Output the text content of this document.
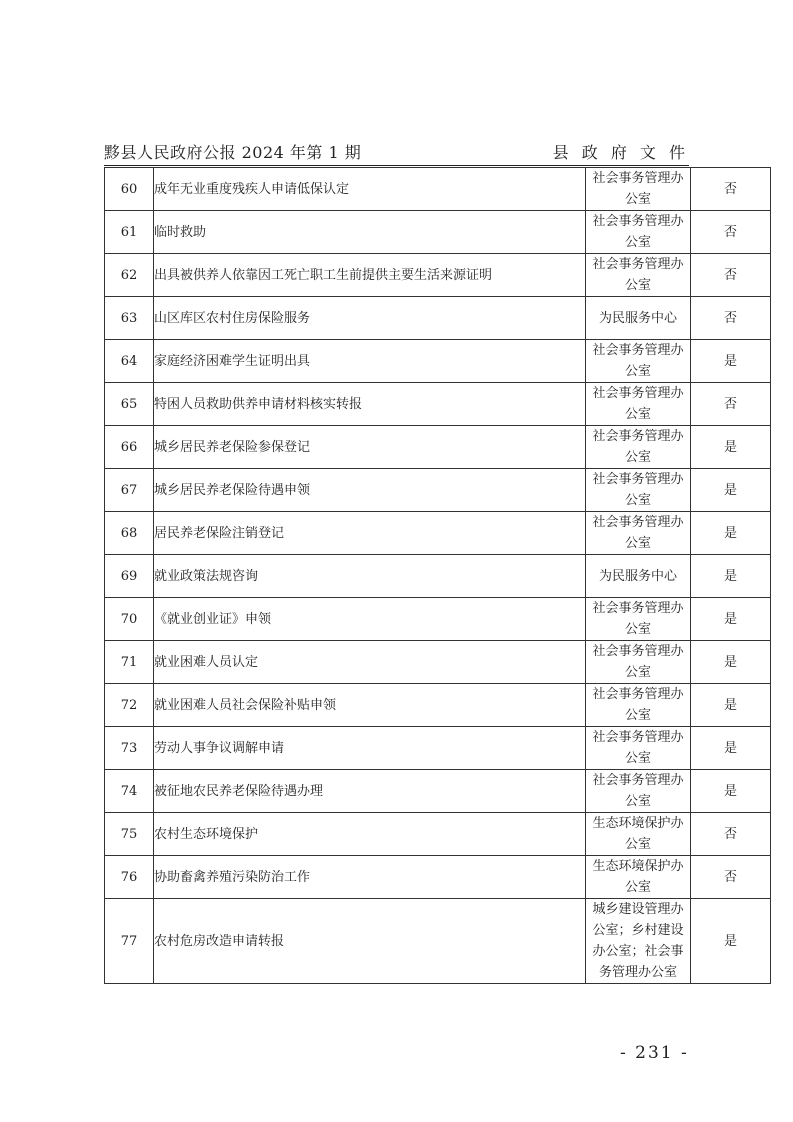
黟县人民政府公报 2024 年第 1 期	县 政 府 文 件
60	成年无业重度残疾人申请低保认定	社会事务管理办公室	否
61	临时救助	社会事务管理办公室	否
62	出具被供养人依靠因工死亡职工生前提供主要生活来源证明	社会事务管理办公室	否
63	山区库区农村住房保险服务	为民服务中心	否
64	家庭经济困难学生证明出具	社会事务管理办公室	是
65	特困人员救助供养申请材料核实转报	社会事务管理办公室	否
66	城乡居民养老保险参保登记	社会事务管理办公室	是
67	城乡居民养老保险待遇申领	社会事务管理办公室	是
68	居民养老保险注销登记	社会事务管理办公室	是
69	就业政策法规咨询	为民服务中心	是
70	《就业创业证》申领	社会事务管理办公室	是
71	就业困难人员认定	社会事务管理办公室	是
72	就业困难人员社会保险补贴申领	社会事务管理办公室	是
73	劳动人事争议调解申请	社会事务管理办公室	是
74	被征地农民养老保险待遇办理	社会事务管理办公室	是
75	农村生态环境保护	生态环境保护办公室	否
76	协助畜禽养殖污染防治工作	生态环境保护办公室	否
77	农村危房改造申请转报	城乡建设管理办公室；乡村建设办公室；社会事务管理办公室	是
- 231 -
